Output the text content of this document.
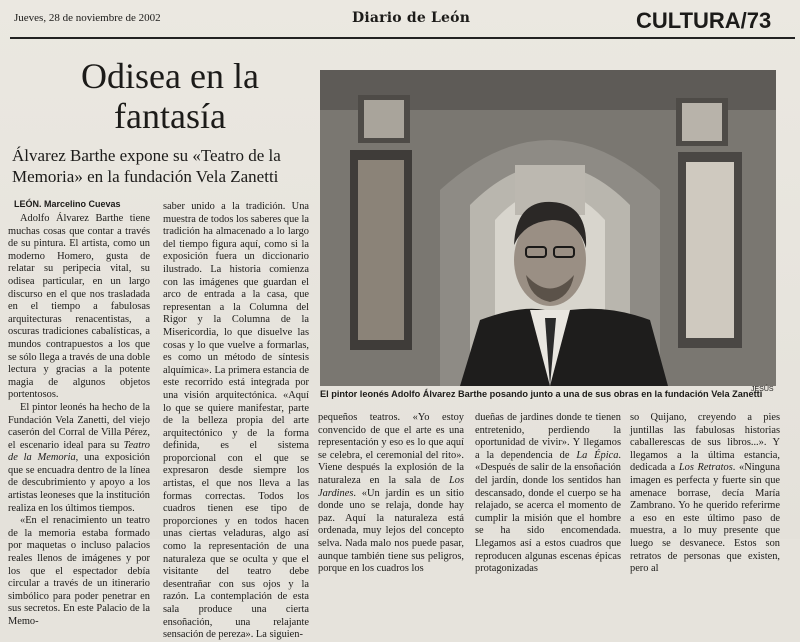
Jueves, 28 de noviembre de 2002	Diario de León	CULTURA/73
Odisea en la fantasía
Álvarez Barthe expone su «Teatro de la Memoria» en la fundación Vela Zanetti
LEÓN. Marcelino Cuevas

Adolfo Álvarez Barthe tiene muchas cosas que contar a través de su pintura. El artista, como un moderno Homero, gusta de relatar su peripecia vital, su odisea particular, en un largo discurso en el que nos trasladada en el tiempo a fabulosas arquitecturas renacentistas, a oscuras tradiciones cabalísticas, a mundos contrapuestos a los que se sólo llega a través de una doble lectura y gracias a la potente magia de algunos objetos portentosos.

El pintor leonés ha hecho de la Fundación Vela Zanetti, del viejo caserón del Corral de Villa Pérez, el escenario ideal para su Teatro de la Memoria, una exposición que se encuadra dentro de la línea de descubrimiento y apoyo a los artistas leoneses que la institución realiza en los últimos tiempos.

«En el renacimiento un teatro de la memoria estaba formado por maquetas o incluso palacios reales llenos de imágenes y por los que el espectador debía circular a través de un itinerario simbólico para poder penetrar en sus secretos. En este Palacio de la Memo-

saber unido a la tradición. Una muestra de todos los saberes que la tradición ha almacenado a lo largo del tiempo figura aquí, como si la exposición fuera un diccionario ilustrado. La historia comienza con las imágenes que guardan el arco de entrada a la casa, que representan a la Columna del Rigor y la Columna de la Misericordia, lo que disuelve las cosas y lo que vuelve a formarlas, es como un método de síntesis alquímica». La primera estancia de este recorrido está integrada por una visión arquitectónica. «Aquí lo que se quiere manifestar, parte de la belleza propia del arte arquitectónico y de la forma definida, es el sistema proporcional con el que se expresaron desde siempre los artistas, el que nos lleva a las formas correctas. Todos los cuadros tienen ese tipo de proporciones y en todos hacen unas ciertas veladuras, algo así como la representación de una naturaleza que se oculta y que el visitante del teatro debe desentrañar con sus ojos y la razón. La contemplación de esta sala produce una cierta ensoñación, una relajante sensación de pereza». La siguien-

JESÚS
El pintor leonés Adolfo Álvarez Barthe posando junto a una de sus obras en la fundación Vela Zanetti

pequeños teatros. «Yo estoy convencido de que el arte es una representación y eso es lo que aquí se celebra, el ceremonial del rito». Viene después la explosión de la naturaleza en la sala de Los Jardines. «Un jardín es un sitio donde uno se relaja, donde hay paz. Aquí la naturaleza está ordenada, muy lejos del concepto selva. Nada malo nos puede pasar, aunque también tiene sus peligros, porque en los cuadros los

dueñas de jardines donde te tienen entretenido, perdiendo la oportunidad de vivir». Y llegamos a la dependencia de La Épica. «Después de salir de la ensoñación del jardín, donde los sentidos han descansado, donde el cuerpo se ha relajado, se acerca el momento de cumplir la misión que el hombre se ha sido encomendada. Llegamos así a estos cuadros que reproducen algunas escenas épicas protagonizadas

so Quijano, creyendo a pies juntillas las fabulosas historias caballerescas de sus libros...». Y llegamos a la última estancia, dedicada a Los Retratos. «Ninguna imagen es perfecta y fuerte sin que amenace borrase, decía María Zambrano. Yo he querido referirme a eso en este último paso de muestra, a lo muy presente que luego se desvanece. Estos son retratos de personas que existen, pero al
